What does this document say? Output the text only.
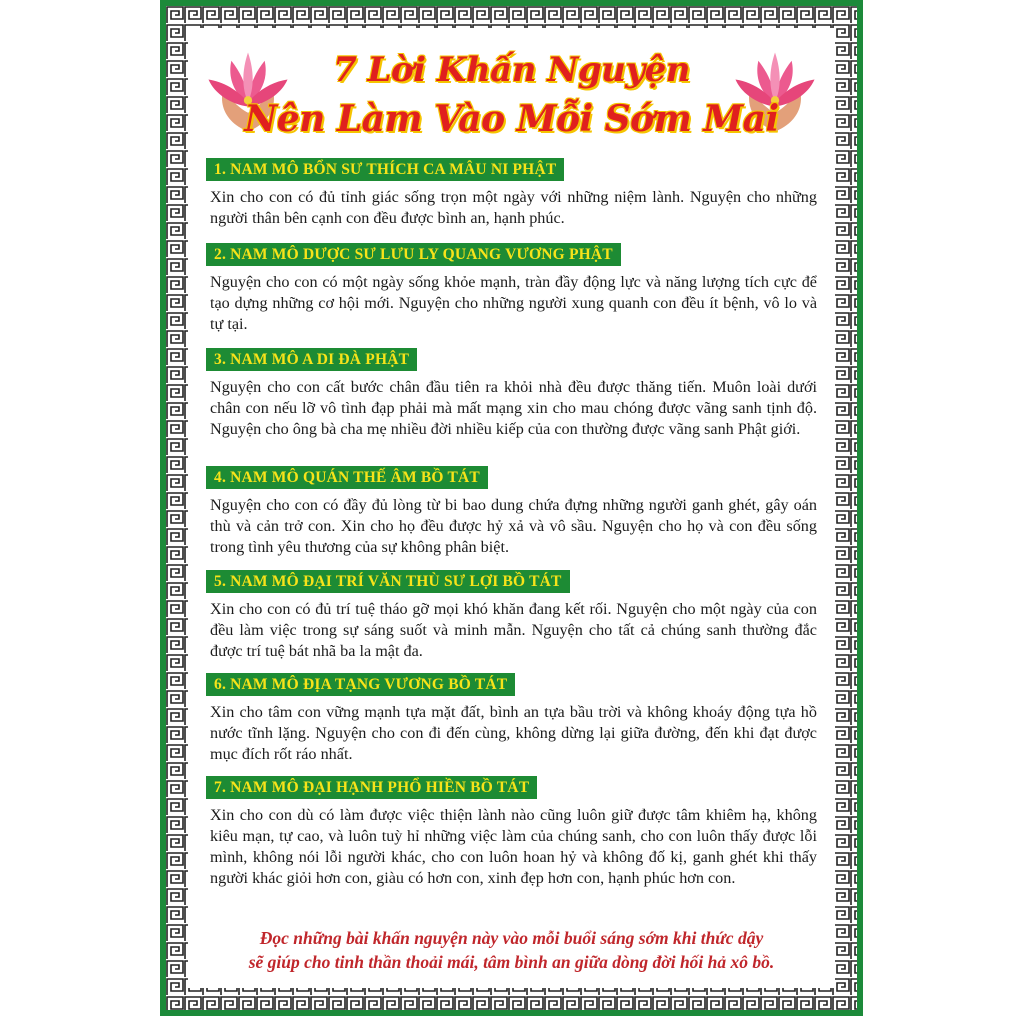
7 Lời Khấn Nguyện
Nên Làm Vào Mỗi Sớm Mai
1. NAM MÔ BỔN SƯ THÍCH CA MÂU NI PHẬT
Xin cho con có đủ tỉnh giác sống trọn một ngày với những niệm lành. Nguyện cho những người thân bên cạnh con đều được bình an, hạnh phúc.
2. NAM MÔ DƯỢC SƯ LƯU LY QUANG VƯƠNG PHẬT
Nguyện cho con có một ngày sống khỏe mạnh, tràn đầy động lực và năng lượng tích cực để tạo dựng những cơ hội mới. Nguyện cho những người xung quanh con đều ít bệnh, vô lo và tự tại.
3. NAM MÔ A DI ĐÀ PHẬT
Nguyện cho con cất bước chân đầu tiên ra khỏi nhà đều được thăng tiến. Muôn loài dưới chân con nếu lỡ vô tình đạp phải mà mất mạng xin cho mau chóng được vãng sanh tịnh độ. Nguyện cho ông bà cha mẹ nhiều đời nhiều kiếp của con thường được vãng sanh Phật giới.
4. NAM MÔ QUÁN THẾ ÂM BỒ TÁT
Nguyện cho con có đầy đủ lòng từ bi bao dung chứa đựng những người ganh ghét, gây oán thù và cản trở con. Xin cho họ đều được hỷ xả và vô sầu. Nguyện cho họ và con đều sống trong tình yêu thương của sự không phân biệt.
5. NAM MÔ ĐẠI TRÍ VĂN THÙ SƯ LỢI BỒ TÁT
Xin cho con có đủ trí tuệ tháo gỡ mọi khó khăn đang kết rối. Nguyện cho một ngày của con đều làm việc trong sự sáng suốt và minh mẫn. Nguyện cho tất cả chúng sanh thường đắc được trí tuệ bát nhã ba la mật đa.
6. NAM MÔ ĐỊA TẠNG VƯƠNG BỒ TÁT
Xin cho tâm con vững mạnh tựa mặt đất, bình an tựa bầu trời và không khoáy động tựa hồ nước tĩnh lặng. Nguyện cho con đi đến cùng, không dừng lại giữa đường, đến khi đạt được mục đích rốt ráo nhất.
7. NAM MÔ ĐẠI HẠNH PHỔ HIỀN BỒ TÁT
Xin cho con dù có làm được việc thiện lành nào cũng luôn giữ được tâm khiêm hạ, không kiêu mạn, tự cao, và luôn tuỳ hỉ những việc làm của chúng sanh, cho con luôn thấy được lỗi mình, không nói lỗi người khác, cho con luôn hoan hỷ và không đố kị, ganh ghét khi thấy người khác giỏi hơn con, giàu có hơn con, xinh đẹp hơn con, hạnh phúc hơn con.
Đọc những bài khấn nguyện này vào mỗi buổi sáng sớm khi thức dậy
sẽ giúp cho tinh thần thoải mái, tâm bình an giữa dòng đời hối hả xô bồ.
